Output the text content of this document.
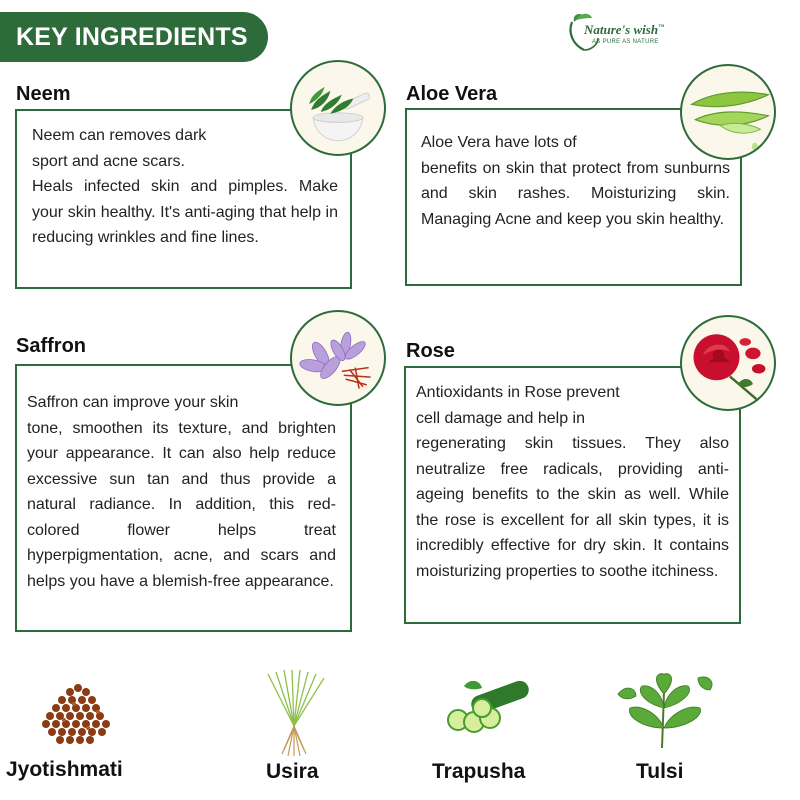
KEY INGREDIENTS	Nature's wish™
AS PURE AS NATURE
Neem

Neem can removes dark

sport and acne scars.

Heals infected skin and pimples. Make your skin healthy. It's anti-aging that help in reducing wrinkles and fine lines.

Aloe Vera

Aloe Vera have lots of

benefits on skin that protect from sunburns and skin rashes. Moisturizing skin. Managing Acne and keep you skin healthy.

Saffron

Saffron can improve your skin

tone, smoothen its texture, and brighten your appearance. It can also help reduce excessive sun tan and thus provide a natural radiance. In addition, this red-colored flower helps treat hyperpigmentation, acne, and scars and helps you have a blemish-free appearance.

Rose

Antioxidants in Rose prevent

cell damage and help in

regenerating skin tissues. They also neutralize free radicals, providing anti-ageing benefits to the skin as well. While the rose is excellent for all skin types, it is incredibly effective for dry skin. It contains moisturizing properties to soothe itchiness.

Jyotishmati	Usira	Trapusha	Tulsi
